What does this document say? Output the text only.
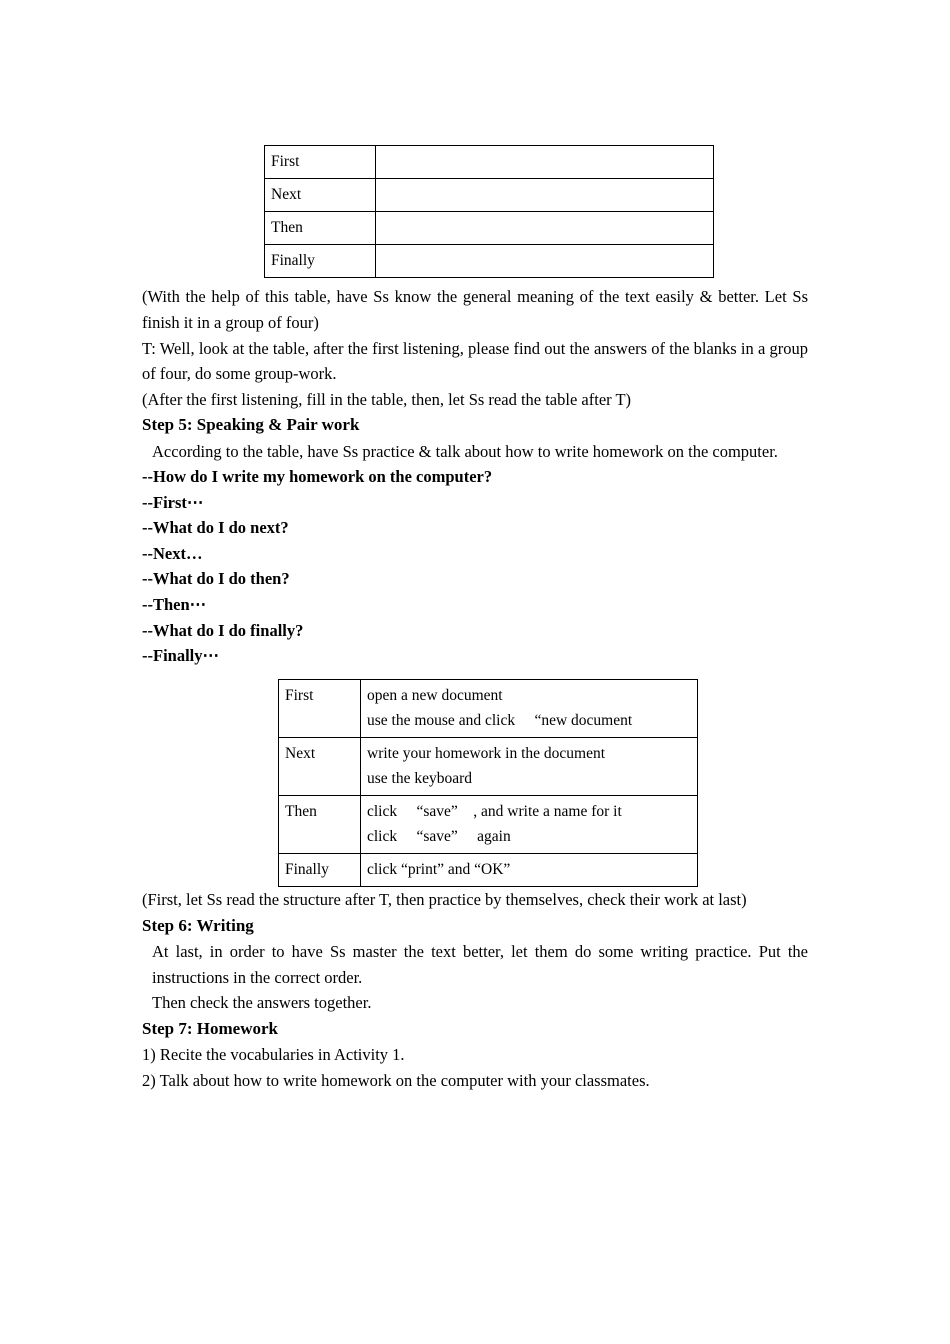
First	
Next	
Then	
Finally	

(With the help of this table, have Ss know the general meaning of the text easily & better. Let Ss finish it in a group of four)

T: Well, look at the table, after the first listening, please find out the answers of the blanks in a group of four, do some group-work.

(After the first listening, fill in the table, then, let Ss read the table after T)

Step 5: Speaking & Pair work

According to the table, have Ss practice & talk about how to write homework on the computer.

--How do I write my homework on the computer?

--First⋯

--What do I do next?

--Next…

--What do I do then?

--Then⋯

--What do I do finally?

--Finally⋯

First	open a new document
use the mouse and click 　“new document

Next	write your homework in the document
use the keyboard

Then	click 　“save”　, and write a name for it
click 　“save”　 again

Finally	click “print” and “OK”

(First, let Ss read the structure after T, then practice by themselves, check their work at last)

Step 6: Writing

At last, in order to have Ss master the text better, let them do some writing practice. Put the instructions in the correct order.

Then check the answers together.

Step 7: Homework

1) Recite the vocabularies in Activity 1.

2) Talk about how to write homework on the computer with your classmates.
